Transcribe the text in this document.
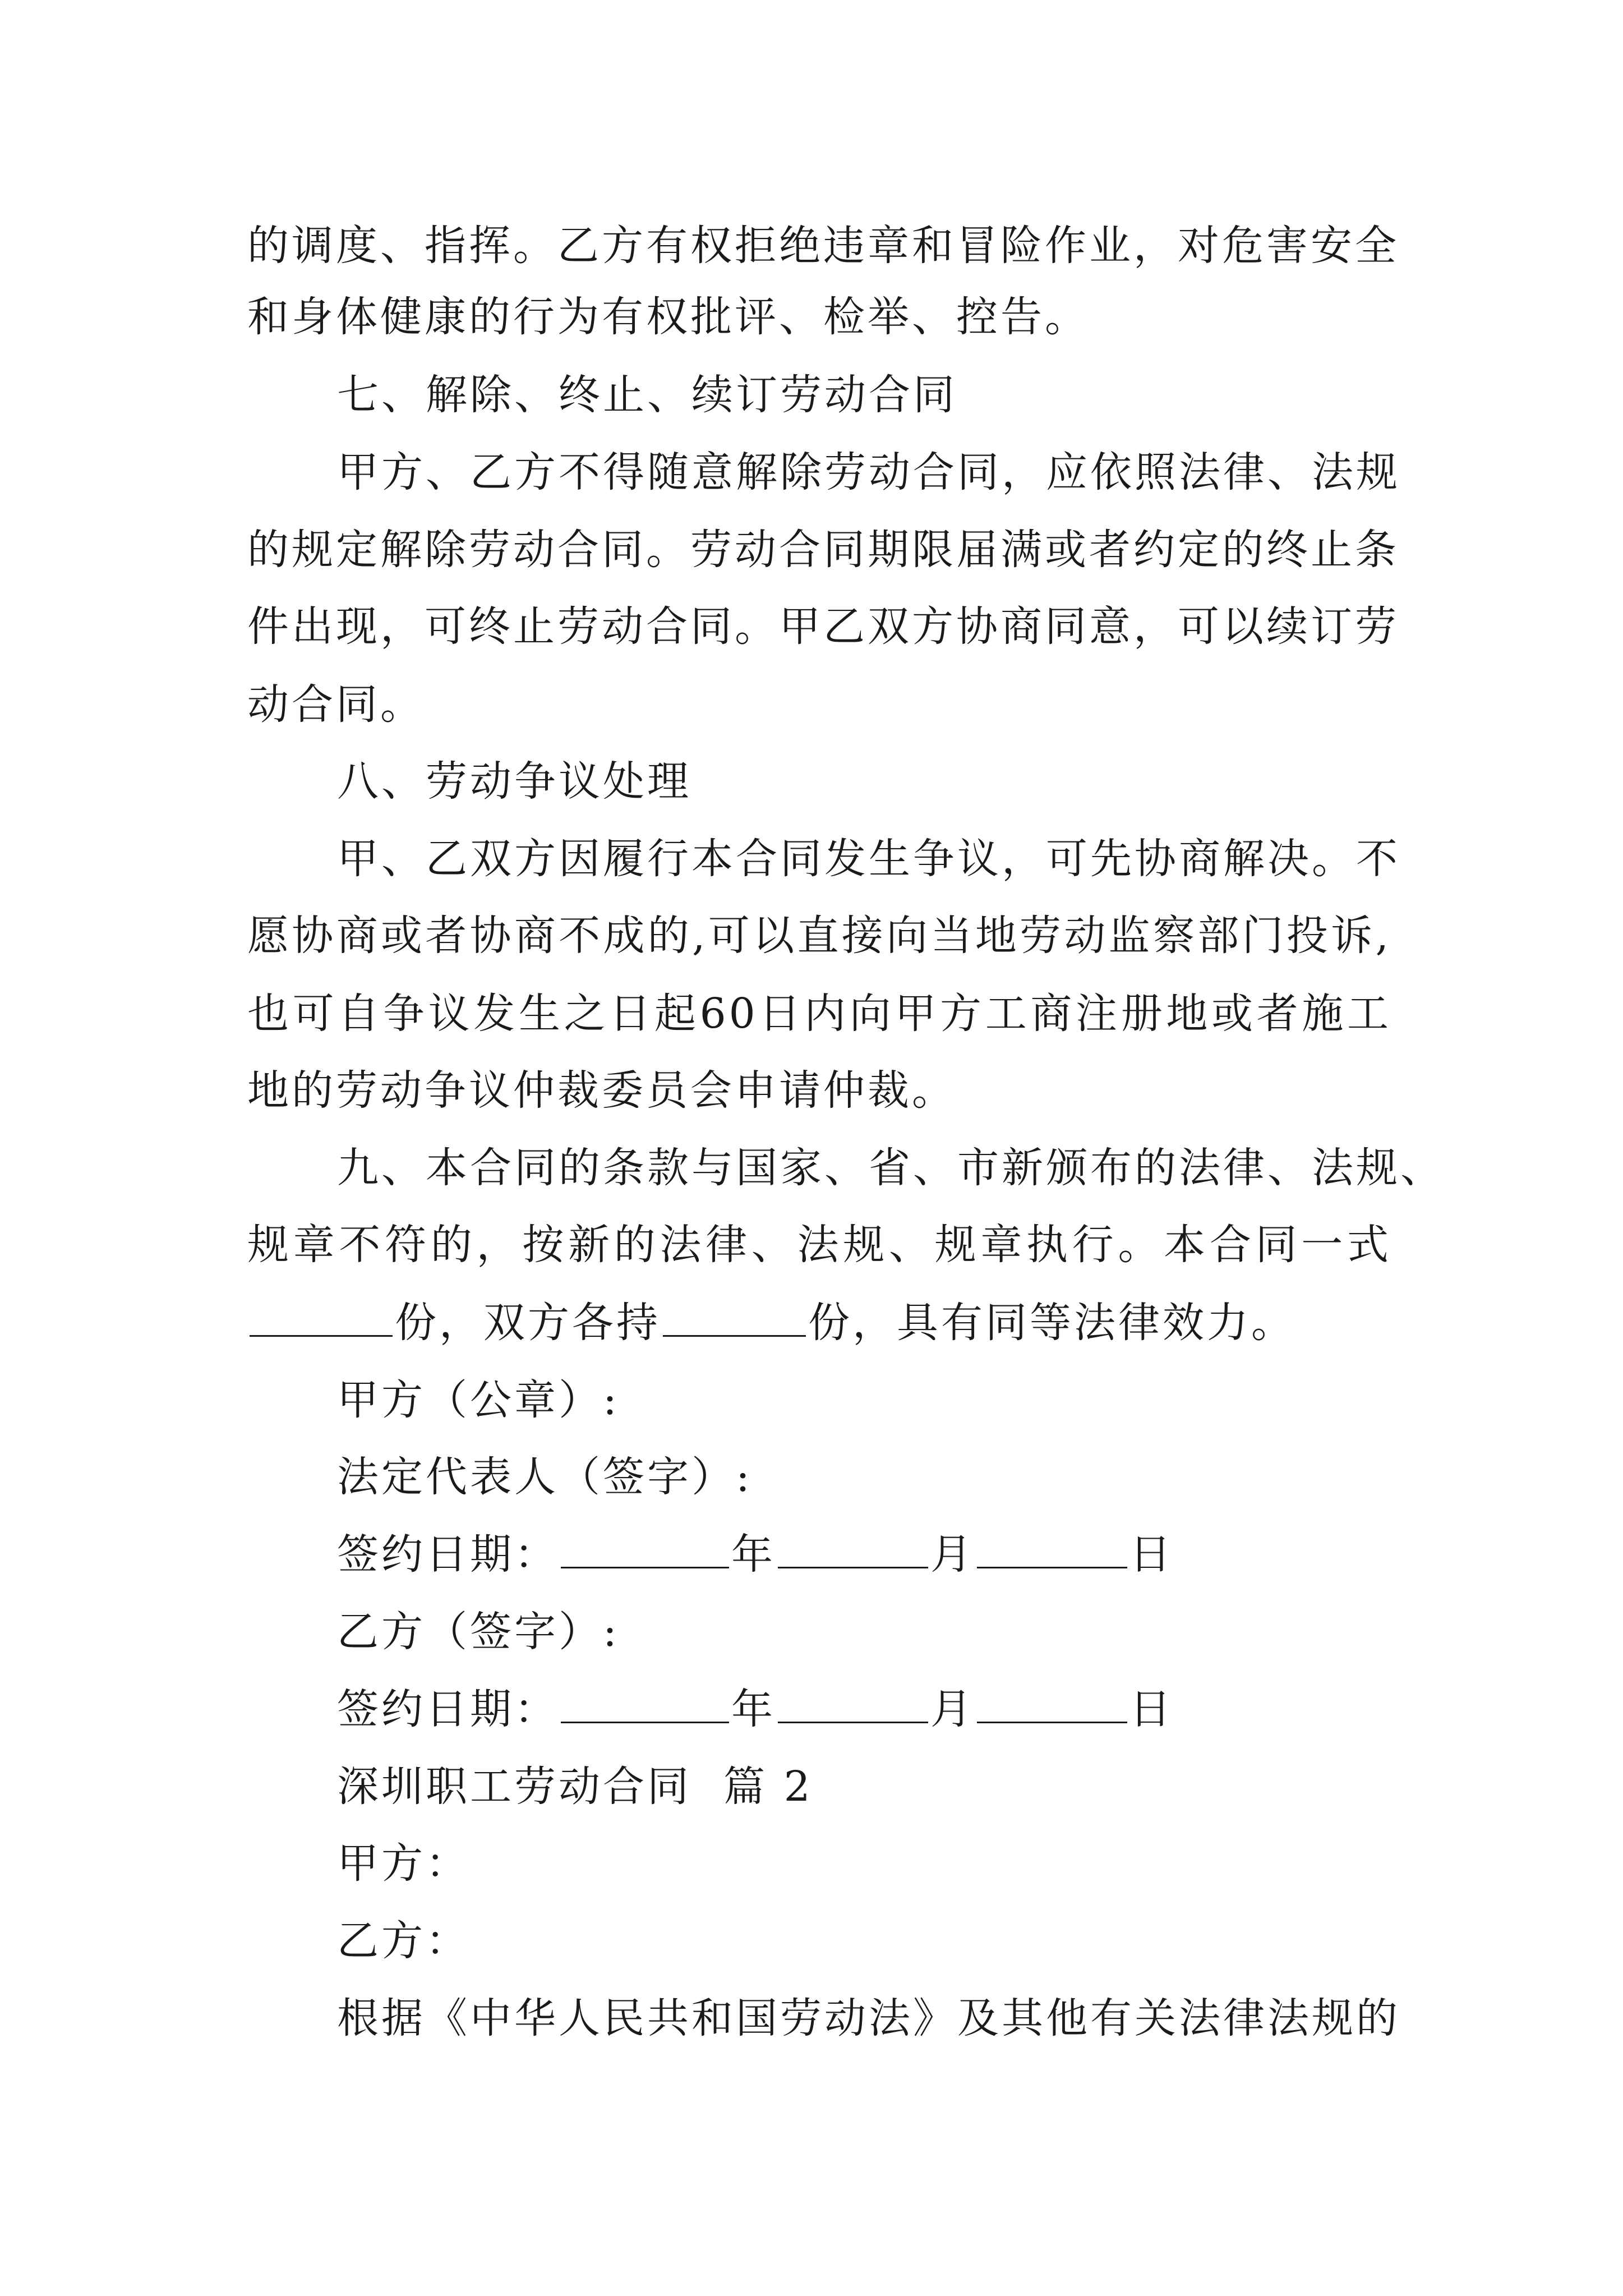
的调度、指挥。乙方有权拒绝违章和冒险作业，对危害安全
和身体健康的行为有权批评、检举、控告。
七、解除、终止、续订劳动合同
甲方、乙方不得随意解除劳动合同，应依照法律、法规
的规定解除劳动合同。劳动合同期限届满或者约定的终止条
件出现，可终止劳动合同。甲乙双方协商同意，可以续订劳
动合同。
八、劳动争议处理
甲、乙双方因履行本合同发生争议，可先协商解决。不
愿协商或者协商不成的,可以直接向当地劳动监察部门投诉,
也可自争议发生之日起60日内向甲方工商注册地或者施工
地的劳动争议仲裁委员会申请仲裁。
九、本合同的条款与国家、省、市新颁布的法律、法规、
规章不符的，按新的法律、法规、规章执行。本合同一式
份，双方各持	份，具有同等法律效力。
甲方（公章）:
法定代表人（签字）:
签约日期：	年	月	日
乙方（签字）:
签约日期：	年	月	日
深圳职工劳动合同  篇 2
甲方：
乙方：
根据《中华人民共和国劳动法》及其他有关法律法规的
